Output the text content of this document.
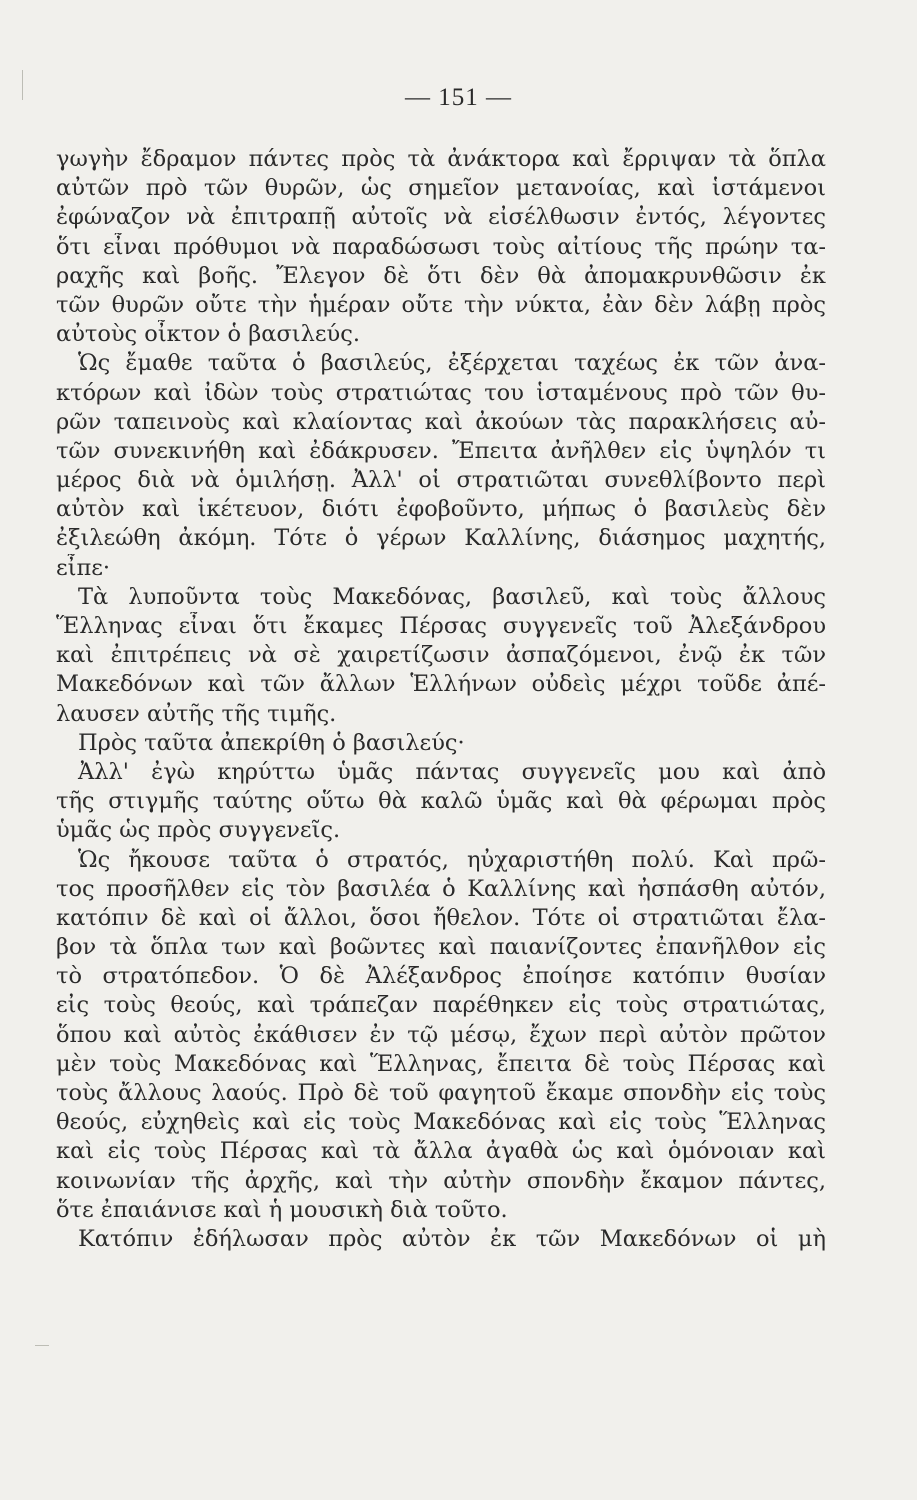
— 151 —
γωγὴν ἔδραμον πάντες πρὸς τὰ ἀνάκτορα καὶ ἔρριψαν τὰ ὅπλα
αὐτῶν πρὸ τῶν θυρῶν, ὡς σημεῖον μετανοίας, καὶ ἱστάμενοι
ἐφώναζον νὰ ἐπιτραπῇ αὐτοῖς νὰ εἰσέλθωσιν ἐντός, λέγοντες
ὅτι εἶναι πρόθυμοι νὰ παραδώσωσι τοὺς αἰτίους τῆς πρώην τα-
ραχῆς καὶ βοῆς. Ἔλεγον δὲ ὅτι δὲν θὰ ἀπομακρυνθῶσιν ἐκ
τῶν θυρῶν οὔτε τὴν ἡμέραν οὔτε τὴν νύκτα, ἐὰν δὲν λάβῃ πρὸς
αὐτοὺς οἶκτον ὁ βασιλεύς.
Ὡς ἔμαθε ταῦτα ὁ βασιλεύς, ἐξέρχεται ταχέως ἐκ τῶν ἀνα-
κτόρων καὶ ἰδὼν τοὺς στρατιώτας του ἱσταμένους πρὸ τῶν θυ-
ρῶν ταπεινοὺς καὶ κλαίοντας καὶ ἀκούων τὰς παρακλήσεις αὐ-
τῶν συνεκινήθη καὶ ἐδάκρυσεν. Ἔπειτα ἀνῆλθεν εἰς ὑψηλόν τι
μέρος διὰ νὰ ὁμιλήσῃ. Ἀλλ' οἱ στρατιῶται συνεθλίβοντο περὶ
αὐτὸν καὶ ἱκέτευον, διότι ἐφοβοῦντο, μήπως ὁ βασιλεὺς δὲν
ἐξιλεώθη ἀκόμη. Τότε ὁ γέρων Καλλίνης, διάσημος μαχητής,
εἶπε·
Τὰ λυποῦντα τοὺς Μακεδόνας, βασιλεῦ, καὶ τοὺς ἄλλους
Ἕλληνας εἶναι ὅτι ἔκαμες Πέρσας συγγενεῖς τοῦ Ἀλεξάνδρου
καὶ ἐπιτρέπεις νὰ σὲ χαιρετίζωσιν ἀσπαζόμενοι, ἐνῷ ἐκ τῶν
Μακεδόνων καὶ τῶν ἄλλων Ἑλλήνων οὐδεὶς μέχρι τοῦδε ἀπέ-
λαυσεν αὐτῆς τῆς τιμῆς.
Πρὸς ταῦτα ἀπεκρίθη ὁ βασιλεύς·
Ἀλλ' ἐγὼ κηρύττω ὑμᾶς πάντας συγγενεῖς μου καὶ ἀπὸ
τῆς στιγμῆς ταύτης οὕτω θὰ καλῶ ὑμᾶς καὶ θὰ φέρωμαι πρὸς
ὑμᾶς ὡς πρὸς συγγενεῖς.
Ὡς ἤκουσε ταῦτα ὁ στρατός, ηὐχαριστήθη πολύ. Καὶ πρῶ-
τος προσῆλθεν εἰς τὸν βασιλέα ὁ Καλλίνης καὶ ἠσπάσθη αὐτόν,
κατόπιν δὲ καὶ οἱ ἄλλοι, ὅσοι ἤθελον. Τότε οἱ στρατιῶται ἔλα-
βον τὰ ὅπλα των καὶ βοῶντες καὶ παιανίζοντες ἐπανῆλθον εἰς
τὸ στρατόπεδον. Ὁ δὲ Ἀλέξανδρος ἐποίησε κατόπιν θυσίαν
εἰς τοὺς θεούς, καὶ τράπεζαν παρέθηκεν εἰς τοὺς στρατιώτας,
ὅπου καὶ αὐτὸς ἐκάθισεν ἐν τῷ μέσῳ, ἔχων περὶ αὐτὸν πρῶτον
μὲν τοὺς Μακεδόνας καὶ Ἕλληνας, ἔπειτα δὲ τοὺς Πέρσας καὶ
τοὺς ἄλλους λαούς. Πρὸ δὲ τοῦ φαγητοῦ ἔκαμε σπονδὴν εἰς τοὺς
θεούς, εὐχηθεὶς καὶ εἰς τοὺς Μακεδόνας καὶ εἰς τοὺς Ἕλληνας
καὶ εἰς τοὺς Πέρσας καὶ τὰ ἄλλα ἀγαθὰ ὡς καὶ ὁμόνοιαν καὶ
κοινωνίαν τῆς ἀρχῆς, καὶ τὴν αὐτὴν σπονδὴν ἔκαμον πάντες,
ὅτε ἐπαιάνισε καὶ ἡ μουσικὴ διὰ τοῦτο.
Κατόπιν ἐδήλωσαν πρὸς αὐτὸν ἐκ τῶν Μακεδόνων οἱ μὴ
